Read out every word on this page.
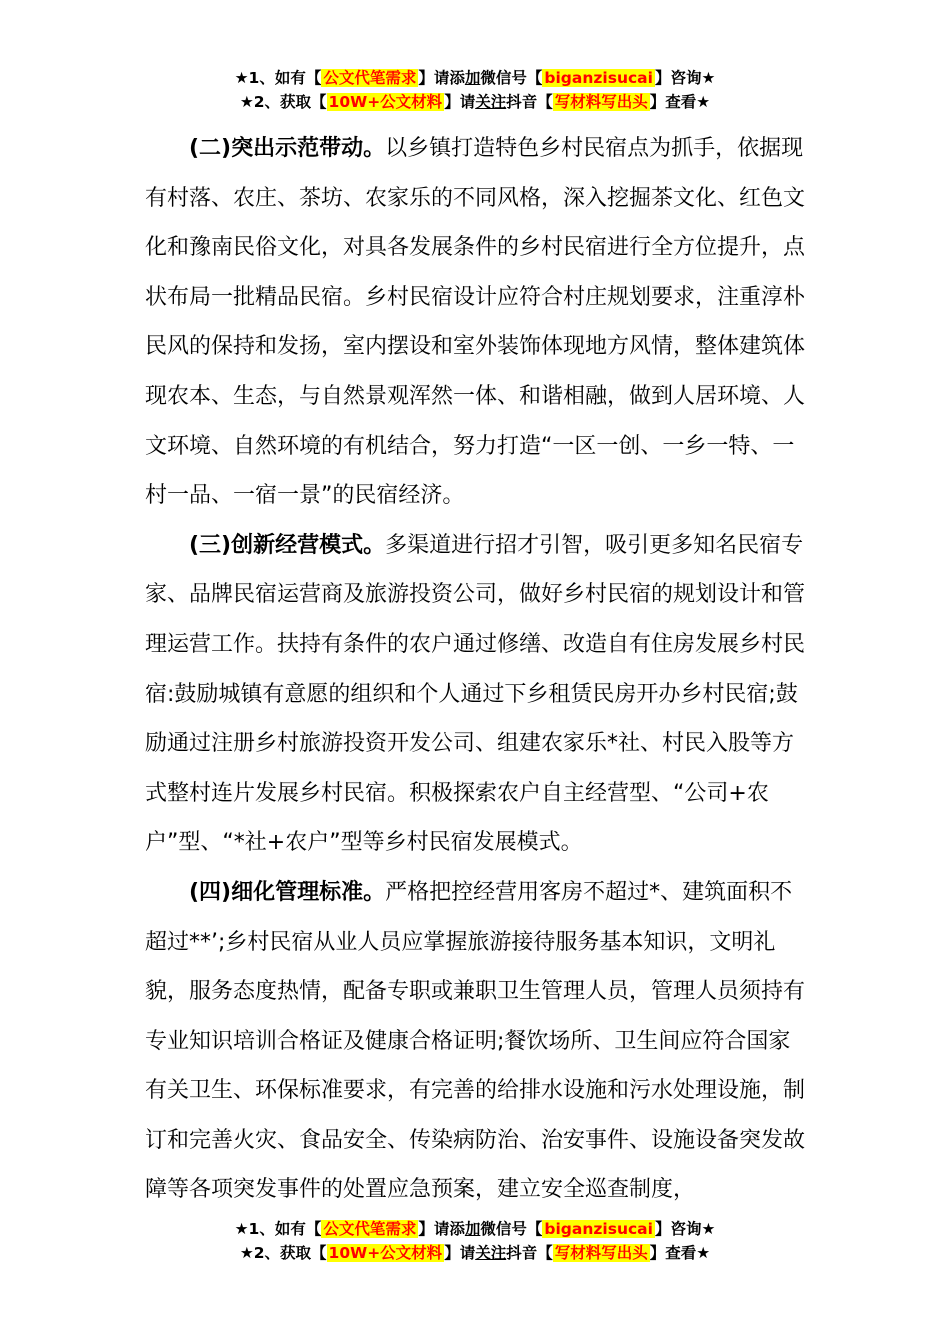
★1、如有【 公文代笔需求 】请添加微信号【 biganzisucai 】咨询★
★2、获取【 10W+公文材料 】请关注抖音【 写材料写出头 】查看★

(二)突出示范带动。以乡镇打造特色乡村民宿点为抓手，依据现有村落、农庄、茶坊、农家乐的不同风格，深入挖掘茶文化、红色文化和豫南民俗文化，对具各发展条件的乡村民宿进行全方位提升，点状布局一批精品民宿。乡村民宿设计应符合村庄规划要求，注重淳朴民风的保持和发扬，室内摆设和室外装饰体现地方风情，整体建筑体现农本、生态，与自然景观浑然一体、和谐相融，做到人居环境、人文环境、自然环境的有机结合，努力打造“一区一创、一乡一特、一村一品、一宿一景”的民宿经济。

(三)创新经营模式。多渠道进行招才引智，吸引更多知名民宿专家、品牌民宿运营商及旅游投资公司，做好乡村民宿的规划设计和管理运营工作。扶持有条件的农户通过修缮、改造自有住房发展乡村民宿:鼓励城镇有意愿的组织和个人通过下乡租赁民房开办乡村民宿;鼓励通过注册乡村旅游投资开发公司、组建农家乐*社、村民入股等方式整村连片发展乡村民宿。积极探索农户自主经营型、“公司+农户”型、“*社+农户”型等乡村民宿发展模式。

(四)细化管理标准。严格把控经营用客房不超过*、建筑面积不超过**’;乡村民宿从业人员应掌握旅游接待服务基本知识，文明礼貌，服务态度热情，配备专职或兼职卫生管理人员，管理人员须持有专业知识培训合格证及健康合格证明;餐饮场所、卫生间应符合国家有关卫生、环保标准要求，有完善的给排水设施和污水处理设施，制订和完善火灾、食品安全、传染病防治、治安事件、设施设备突发故障等各项突发事件的处置应急预案，建立安全巡查制度，

★1、如有【 公文代笔需求 】请添加微信号【 biganzisucai 】咨询★
★2、获取【 10W+公文材料 】请关注抖音【 写材料写出头 】查看★
